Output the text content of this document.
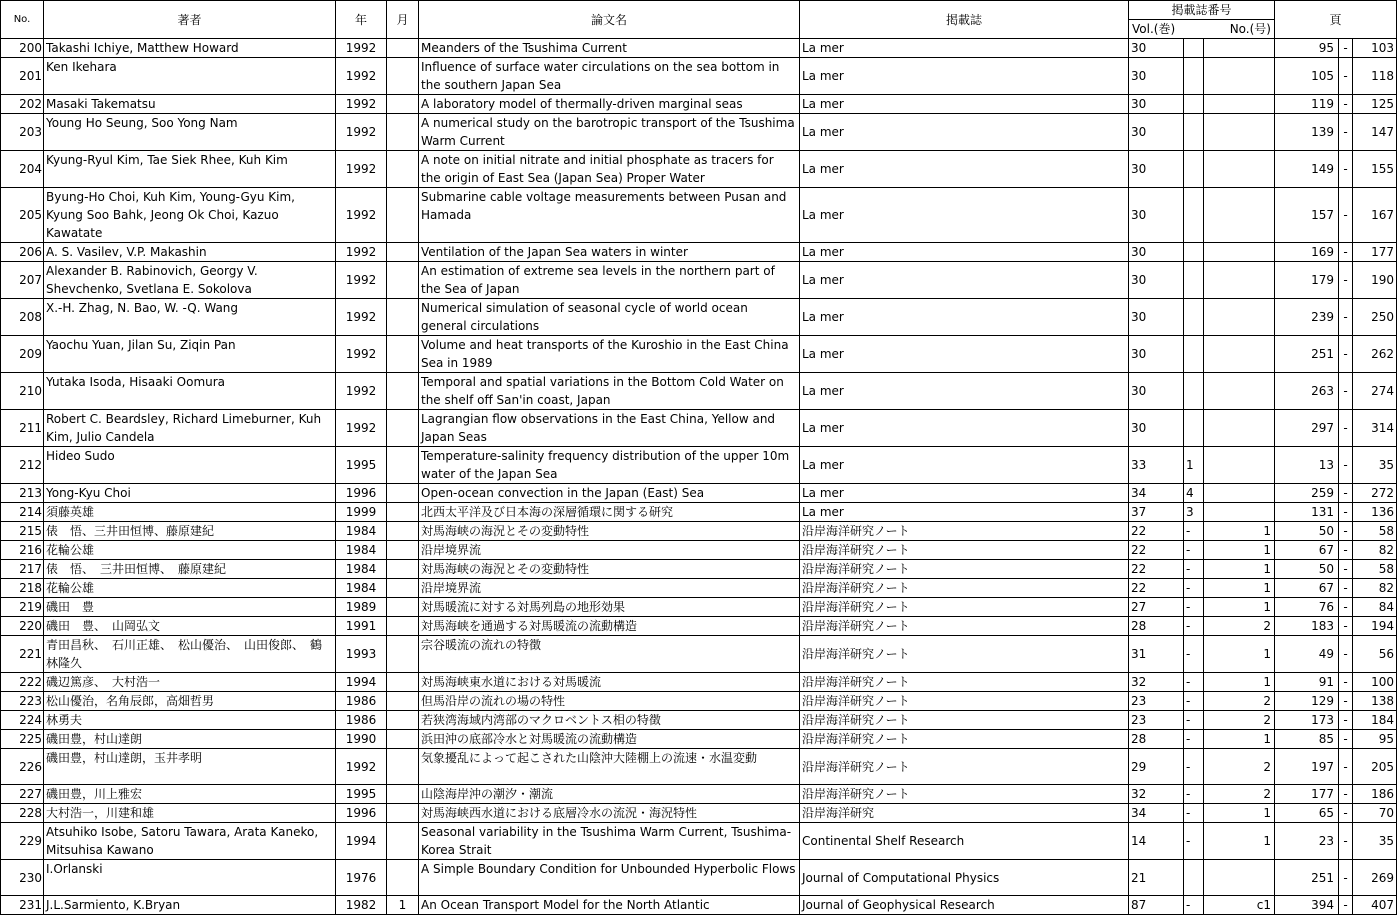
No.	著者	年	月	論文名	掲載誌	掲載誌番号			頁		

						Vol.(巻) No.(号)					

200	Takashi Ichiye, Matthew Howard	1992		Meanders of the Tsushima Current	La mer	30			95	-	103
201	Ken Ikehara	1992		Influence of surface water circulations on the sea bottom in the southern Japan Sea	La mer	30			105	-	118
202	Masaki Takematsu	1992		A laboratory model of thermally-driven marginal seas	La mer	30			119	-	125
203	Young Ho Seung, Soo Yong Nam	1992		A numerical study on the barotropic transport of the Tsushima Warm Current	La mer	30			139	-	147
204	Kyung-Ryul Kim, Tae Siek Rhee, Kuh Kim	1992		A note on initial nitrate and initial phosphate as tracers for the origin of East Sea (Japan Sea) Proper Water	La mer	30			149	-	155
205	Byung-Ho Choi, Kuh Kim, Young-Gyu Kim, Kyung Soo Bahk, Jeong Ok Choi, Kazuo Kawatate	1992		Submarine cable voltage measurements between Pusan and Hamada	La mer	30			157	-	167
206	A. S. Vasilev, V.P. Makashin	1992		Ventilation of the Japan Sea waters in winter	La mer	30			169	-	177
207	Alexander B. Rabinovich, Georgy V. Shevchenko, Svetlana E. Sokolova	1992		An estimation of extreme sea levels in the northern part of the Sea of Japan	La mer	30			179	-	190
208	X.-H. Zhag, N. Bao, W. -Q. Wang	1992		Numerical simulation of seasonal cycle of world ocean general circulations	La mer	30			239	-	250
209	Yaochu Yuan, Jilan Su, Ziqin Pan	1992		Volume and heat transports of the Kuroshio in the East China Sea in 1989	La mer	30			251	-	262
210	Yutaka Isoda, Hisaaki Oomura	1992		Temporal and spatial variations in the Bottom Cold Water on the shelf off San'in coast, Japan	La mer	30			263	-	274
211	Robert C. Beardsley, Richard Limeburner, Kuh Kim, Julio Candela	1992		Lagrangian flow observations in the East China, Yellow and Japan Seas	La mer	30			297	-	314
212	Hideo Sudo	1995		Temperature-salinity frequency distribution of the upper 10m water of the Japan Sea	La mer	33	1		13	-	35
213	Yong-Kyu Choi	1996		Open-ocean convection in the Japan (East) Sea	La mer	34	4		259	-	272
214	須藤英雄	1999		北西太平洋及び日本海の深層循環に関する研究	La mer	37	3		131	-	136
215	俵　悟、三井田恒博、藤原建紀	1984		対馬海峡の海況とその変動特性	沿岸海洋研究ノート	22	-	1	50	-	58
216	花輪公雄	1984		沿岸境界流	沿岸海洋研究ノート	22	-	1	67	-	82
217	俵　悟、　三井田恒博、　藤原建紀	1984		対馬海峡の海況とその変動特性	沿岸海洋研究ノート	22	-	1	50	-	58
218	花輪公雄	1984		沿岸境界流	沿岸海洋研究ノート	22	-	1	67	-	82
219	磯田　豊	1989		対馬暖流に対する対馬列島の地形効果	沿岸海洋研究ノート	27	-	1	76	-	84
220	磯田　豊、　山岡弘文	1991		対馬海峡を通過する対馬暖流の流動構造	沿岸海洋研究ノート	28	-	2	183	-	194
221	青田昌秋、　石川正雄、　松山優治、　山田俊郎、　鶴林隆久	1993		宗谷暖流の流れの特徴	沿岸海洋研究ノート	31	-	1	49	-	56
222	磯辺篤彦、　大村浩一	1994		対馬海峡東水道における対馬暖流	沿岸海洋研究ノート	32	-	1	91	-	100
223	松山優治，名角辰郎，高畑哲男	1986		但馬沿岸の流れの場の特性	沿岸海洋研究ノート	23	-	2	129	-	138
224	林勇夫	1986		若狭湾海域内湾部のマクロベントス相の特徴	沿岸海洋研究ノート	23	-	2	173	-	184
225	磯田豊，村山達朗	1990		浜田沖の底部冷水と対馬暖流の流動構造	沿岸海洋研究ノート	28	-	1	85	-	95
226	磯田豊，村山達朗，玉井孝明	1992		気象擾乱によって起こされた山陰沖大陸棚上の流速・水温変動	沿岸海洋研究ノート	29	-	2	197	-	205
227	磯田豊，川上雅宏	1995		山陰海岸沖の潮汐・潮流	沿岸海洋研究ノート	32	-	2	177	-	186
228	大村浩一，川建和雄	1996		対馬海峡西水道における底層冷水の流況・海況特性	沿岸海洋研究	34	-	1	65	-	70
229	Atsuhiko Isobe, Satoru Tawara, Arata Kaneko, Mitsuhisa Kawano	1994		Seasonal variability in the Tsushima Warm Current, Tsushima-Korea Strait	Continental Shelf Research	14	-	1	23	-	35
230	I.Orlanski	1976		A Simple Boundary Condition for Unbounded Hyperbolic Flows	Journal of Computational Physics	21			251	-	269
231	J.L.Sarmiento, K.Bryan	1982	1	An Ocean Transport Model for the North Atlantic	Journal of Geophysical Research	87	-	c1	394	-	407
